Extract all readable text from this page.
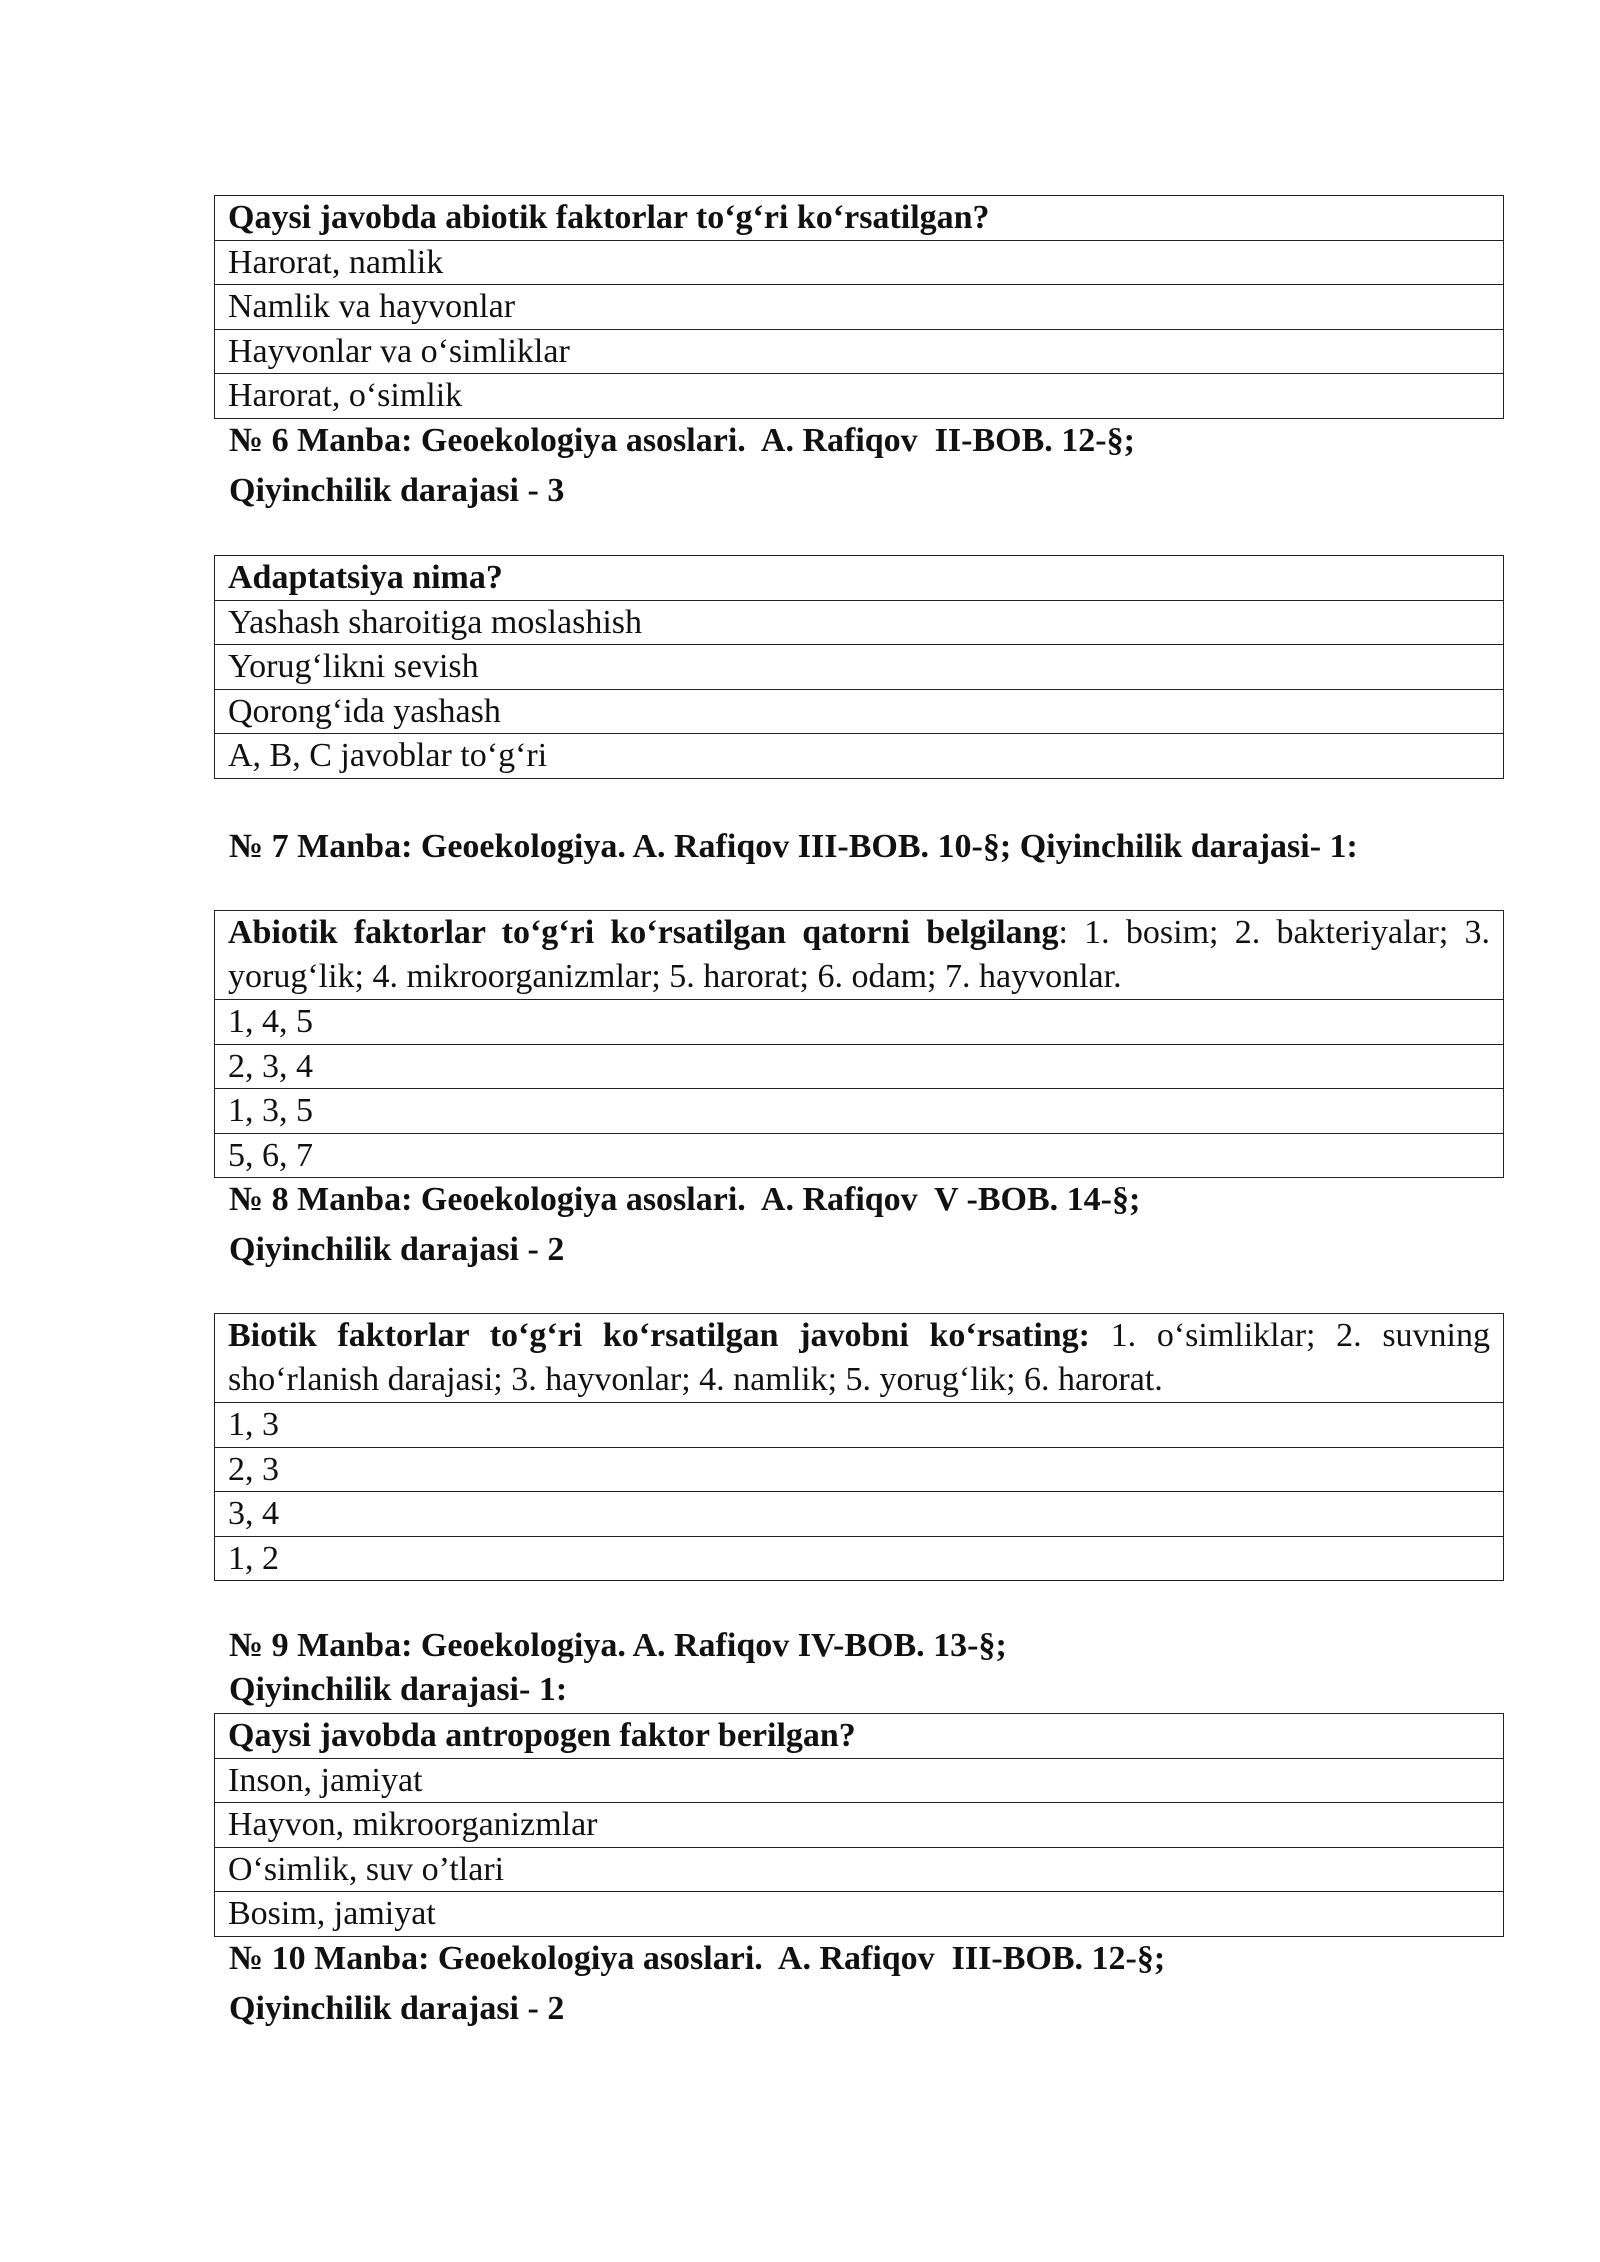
Qaysi javobda abiotik faktorlar to‘g‘ri ko‘rsatilgan?
Harorat, namlik
Namlik va hayvonlar
Hayvonlar va o‘simliklar
Harorat, o‘simlik
№ 6 Manba: Geoekologiya asoslari.  A. Rafiqov  II-BOB. 12-§;
Qiyinchilik darajasi - 3
Adaptatsiya nima?
Yashash sharoitiga moslashish
Yorug‘likni sevish
Qorong‘ida yashash
A, B, C javoblar to‘g‘ri
№ 7 Manba: Geoekologiya. A. Rafiqov III-BOB. 10-§; Qiyinchilik darajasi- 1:
Abiotik faktorlar to‘g‘ri ko‘rsatilgan qatorni belgilang: 1. bosim; 2. bakteriyalar; 3. yorug‘lik; 4. mikroorganizmlar; 5. harorat; 6. odam; 7. hayvonlar.
1, 4, 5
2, 3, 4
1, 3, 5
5, 6, 7
№ 8 Manba: Geoekologiya asoslari.  A. Rafiqov  V -BOB. 14-§;
Qiyinchilik darajasi - 2
Biotik faktorlar to‘g‘ri ko‘rsatilgan javobni ko‘rsating: 1. o‘simliklar; 2. suvning sho‘rlanish darajasi; 3. hayvonlar; 4. namlik; 5. yorug‘lik; 6. harorat.
1, 3
2, 3
3, 4
1, 2
№ 9 Manba: Geoekologiya. A. Rafiqov IV-BOB. 13-§;
Qiyinchilik darajasi- 1:
Qaysi javobda antropogen faktor berilgan?
Inson, jamiyat
Hayvon, mikroorganizmlar
O‘simlik, suv o’tlari
Bosim, jamiyat
№ 10 Manba: Geoekologiya asoslari.  A. Rafiqov  III-BOB. 12-§;
Qiyinchilik darajasi - 2
